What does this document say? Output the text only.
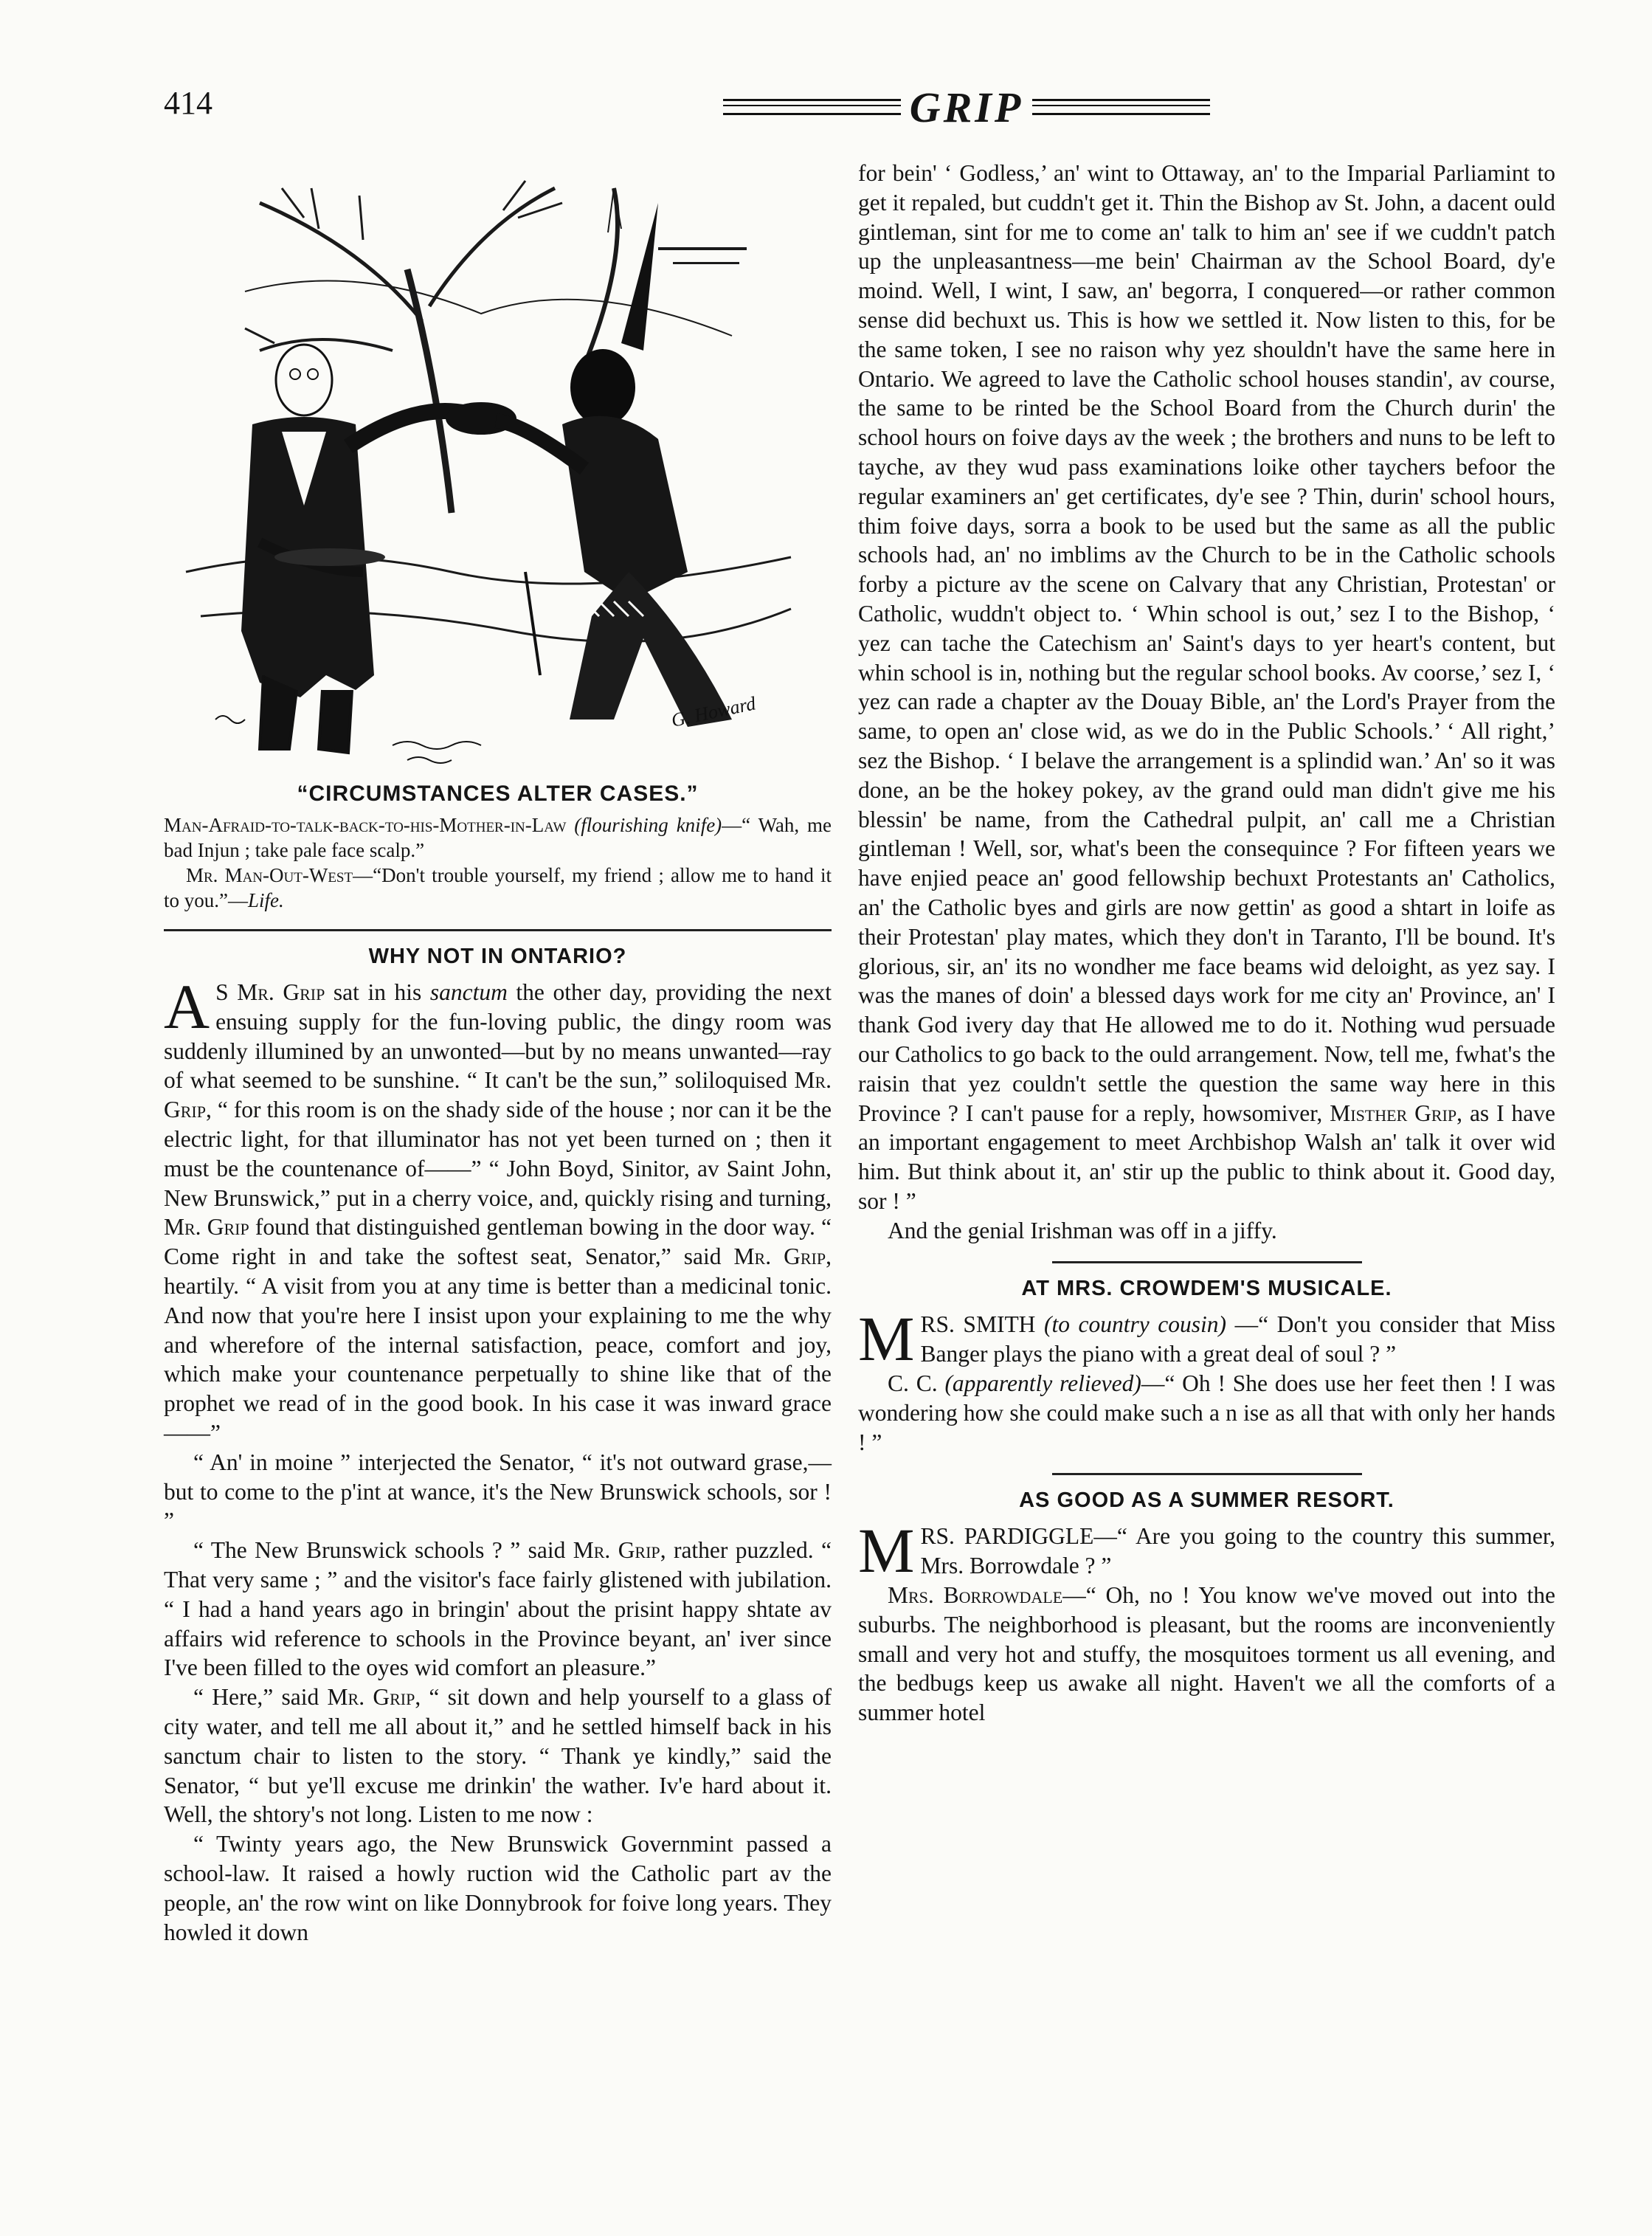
414	GRIP
G. Howard
“CIRCUMSTANCES ALTER CASES.”

Man-Afraid-to-talk-back-to-his-Mother-in-Law (flourishing knife)—“ Wah, me bad Injun ; take pale face scalp.”

Mr. Man-Out-West—“Don't trouble yourself, my friend ; allow me to hand it to you.”—Life.

WHY NOT IN ONTARIO?

A S Mr. Grip sat in his sanctum the other day, providing the next ensuing supply for the fun-loving public, the dingy room was suddenly illumined by an unwonted—but by no means unwanted—ray of what seemed to be sunshine. “ It can't be the sun,” soliloquised Mr. Grip, “ for this room is on the shady side of the house ; nor can it be the electric light, for that illuminator has not yet been turned on ; then it must be the countenance of——” “ John Boyd, Sinitor, av Saint John, New Brunswick,” put in a cherry voice, and, quickly rising and turning, Mr. Grip found that distinguished gentleman bowing in the door way. “ Come right in and take the softest seat, Senator,” said Mr. Grip, heartily. “ A visit from you at any time is better than a medicinal tonic. And now that you're here I insist upon your explaining to me the why and wherefore of the internal satisfaction, peace, comfort and joy, which make your countenance perpetually to shine like that of the prophet we read of in the good book. In his case it was inward grace——”

“ An' in moine ” interjected the Senator, “ it's not outward grase,—but to come to the p'int at wance, it's the New Brunswick schools, sor ! ”

“ The New Brunswick schools ? ” said Mr. Grip, rather puzzled. “ That very same ; ” and the visitor's face fairly glistened with jubilation. “ I had a hand years ago in bringin' about the prisint happy shtate av affairs wid reference to schools in the Province beyant, an' iver since I've been filled to the oyes wid comfort an pleasure.”

“ Here,” said Mr. Grip, “ sit down and help yourself to a glass of city water, and tell me all about it,” and he settled himself back in his sanctum chair to listen to the story. “ Thank ye kindly,” said the Senator, “ but ye'll excuse me drinkin' the wather. Iv'e hard about it. Well, the shtory's not long. Listen to me now :

“ Twinty years ago, the New Brunswick Governmint passed a school-law. It raised a howly ruction wid the Catholic part av the people, an' the row wint on like Donnybrook for foive long years. They howled it down

for bein' ‘ Godless,’ an' wint to Ottaway, an' to the Imparial Parliamint to get it repaled, but cuddn't get it. Thin the Bishop av St. John, a dacent ould gintleman, sint for me to come an' talk to him an' see if we cuddn't patch up the unpleasantness—me bein' Chairman av the School Board, dy'e moind. Well, I wint, I saw, an' begorra, I conquered—or rather common sense did bechuxt us. This is how we settled it. Now listen to this, for be the same token, I see no raison why yez shouldn't have the same here in Ontario. We agreed to lave the Catholic school houses standin', av course, the same to be rinted be the School Board from the Church durin' the school hours on foive days av the week ; the brothers and nuns to be left to tayche, av they wud pass examinations loike other taychers befoor the regular examiners an' get certificates, dy'e see ? Thin, durin' school hours, thim foive days, sorra a book to be used but the same as all the public schools had, an' no imblims av the Church to be in the Catholic schools forby a picture av the scene on Calvary that any Christian, Protestan' or Catholic, wuddn't object to. ‘ Whin school is out,’ sez I to the Bishop, ‘ yez can tache the Catechism an' Saint's days to yer heart's content, but whin school is in, nothing but the regular school books. Av coorse,’ sez I, ‘ yez can rade a chapter av the Douay Bible, an' the Lord's Prayer from the same, to open an' close wid, as we do in the Public Schools.’ ‘ All right,’ sez the Bishop. ‘ I belave the arrangement is a splindid wan.’ An' so it was done, an be the hokey pokey, av the grand ould man didn't give me his blessin' be name, from the Cathedral pulpit, an' call me a Christian gintleman ! Well, sor, what's been the consequince ? For fifteen years we have enjied peace an' good fellowship bechuxt Protestants an' Catholics, an' the Catholic byes and girls are now gettin' as good a shtart in loife as their Protestan' play mates, which they don't in Taranto, I'll be bound. It's glorious, sir, an' its no wondher me face beams wid deloight, as yez say. I was the manes of doin' a blessed days work for me city an' Province, an' I thank God ivery day that He allowed me to do it. Nothing wud persuade our Catholics to go back to the ould arrangement. Now, tell me, fwhat's the raisin that yez couldn't settle the question the same way here in this Province ? I can't pause for a reply, howsomiver, Misther Grip, as I have an important engagement to meet Archbishop Walsh an' talk it over wid him. But think about it, an' stir up the public to think about it. Good day, sor ! ”

And the genial Irishman was off in a jiffy.

AT MRS. CROWDEM'S MUSICALE.

MRS. SMITH (to country cousin) —“ Don't you consider that Miss Banger plays the piano with a great deal of soul ? ”

C. C. (apparently relieved)—“ Oh ! She does use her feet then ! I was wondering how she could make such a n ise as all that with only her hands ! ”

AS GOOD AS A SUMMER RESORT.

MRS. PARDIGGLE—“ Are you going to the country this summer, Mrs. Borrowdale ? ”

Mrs. Borrowdale—“ Oh, no ! You know we've moved out into the suburbs. The neighborhood is pleasant, but the rooms are inconveniently small and very hot and stuffy, the mosquitoes torment us all evening, and the bedbugs keep us awake all night. Haven't we all the comforts of a summer hotel
